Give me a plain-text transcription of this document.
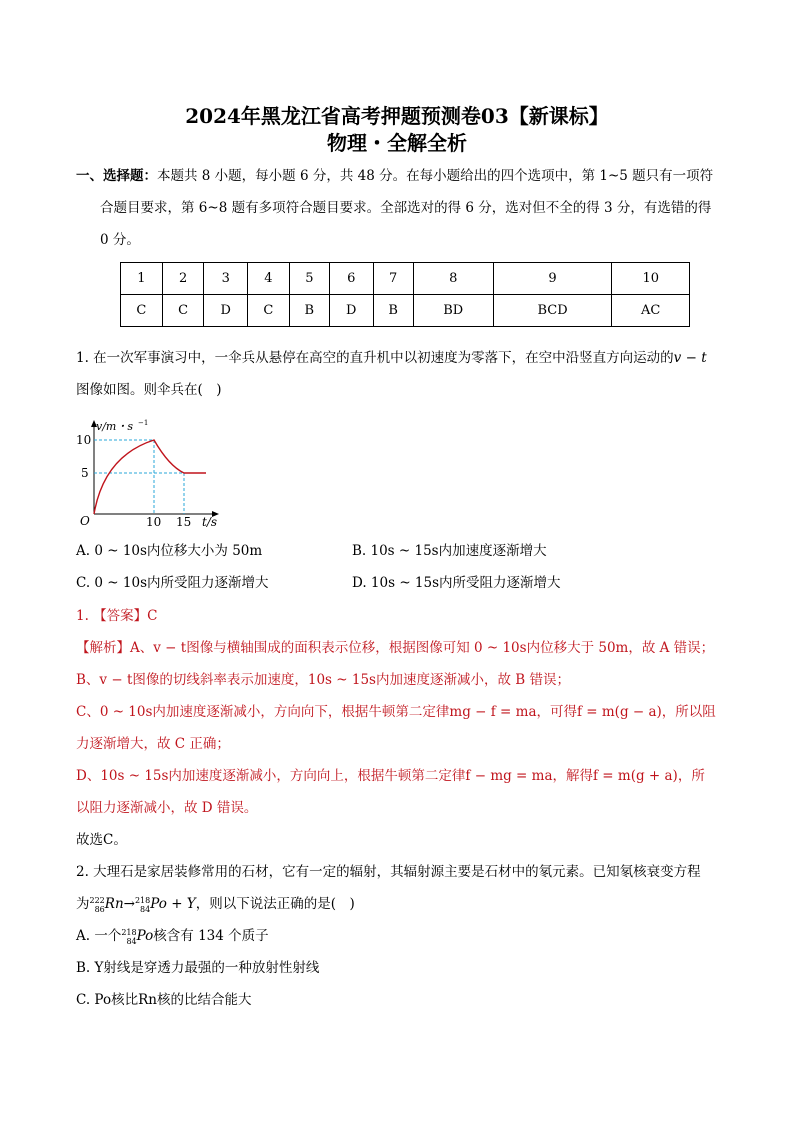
2024年黑龙江省高考押题预测卷03【新课标】
物理・全解全析
一、选择题：本题共 8 小题，每小题 6 分，共 48 分。在每小题给出的四个选项中，第 1~5 题只有一项符
合题目要求，第 6~8 题有多项符合题目要求。全部选对的得 6 分，选对但不全的得 3 分，有选错的得
0 分。
1	2	3	4	5	6	7	8	9	10
C	C	D	C	B	D	B	BD	BCD	AC
1. 在一次军事演习中，一伞兵从悬停在高空的直升机中以初速度为零落下，在空中沿竖直方向运动的v − t
图像如图。则伞兵在(　)
v/m・s −1
10
5
O	10 15 t/s
A. 0 ~ 10s内位移大小为 50m	B. 10s ~ 15s内加速度逐渐增大
C. 0 ~ 10s内所受阻力逐渐增大	D. 10s ~ 15s内所受阻力逐渐增大
1. 【答案】C
【解析】A、v − t图像与横轴围成的面积表示位移，根据图像可知 0 ~ 10s内位移大于 50m，故 A 错误；
B、v − t图像的切线斜率表示加速度，10s ~ 15s内加速度逐渐减小，故 B 错误；
C、0 ~ 10s内加速度逐渐减小，方向向下，根据牛顿第二定律mg − f = ma，可得f = m(g − a)，所以阻
力逐渐增大，故 C 正确；
D、10s ~ 15s内加速度逐渐减小，方向向上，根据牛顿第二定律f − mg = ma，解得f = m(g + a)，所
以阻力逐渐减小，故 D 错误。
故选C。
2. 大理石是家居装修常用的石材，它有一定的辐射，其辐射源主要是石材中的氡元素。已知氡核衰变方程
为 222
86 Rn→ 218
84 Po + Y，则以下说法正确的是(　)
A. 一个 218
84 Po核含有 134 个质子
B. Y射线是穿透力最强的一种放射性射线
C. Po核比Rn核的比结合能大
